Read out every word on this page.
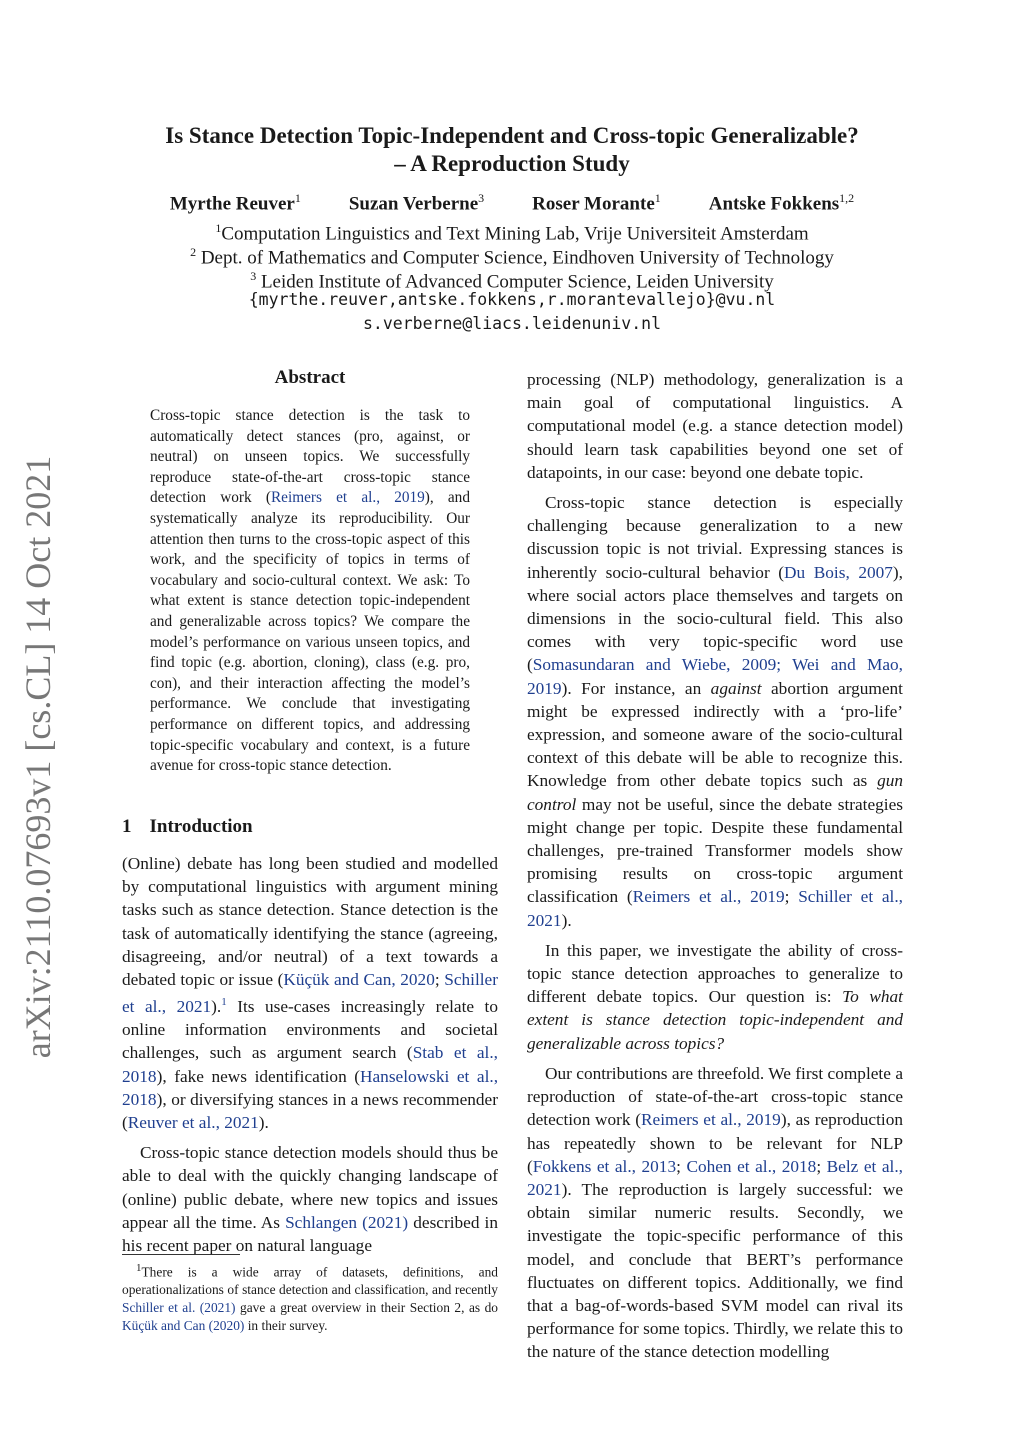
arXiv:2110.07693v1 [cs.CL] 14 Oct 2021
Is Stance Detection Topic-Independent and Cross-topic Generalizable?
– A Reproduction Study
Myrthe Reuver$^1$	Suzan Verberne$^3$	Roser Morante$^1$	Antske Fokkens$^{1,2}$
$^1$Computation Linguistics and Text Mining Lab, Vrije Universiteit Amsterdam
$^2$ Dept. of Mathematics and Computer Science, Eindhoven University of Technology
$^3$ Leiden Institute of Advanced Computer Science, Leiden University
{myrthe.reuver,antske.fokkens,r.morantevallejo}@vu.nl
s.verberne@liacs.leidenuniv.nl
Abstract
Cross-topic stance detection is the task to automatically detect stances (pro, against, or neutral) on unseen topics. We successfully reproduce state-of-the-art cross-topic stance detection work (Reimers et al., 2019), and systematically analyze its reproducibility. Our attention then turns to the cross-topic aspect of this work, and the specificity of topics in terms of vocabulary and socio-cultural context. We ask: To what extent is stance detection topic-independent and generalizable across topics? We compare the model’s performance on various unseen topics, and find topic (e.g. abortion, cloning), class (e.g. pro, con), and their interaction affecting the model’s performance. We conclude that investigating performance on different topics, and addressing topic-specific vocabulary and context, is a future avenue for cross-topic stance detection.
1 Introduction

(Online) debate has long been studied and modelled by computational linguistics with argument mining tasks such as stance detection. Stance detection is the task of automatically identifying the stance (agreeing, disagreeing, and/or neutral) of a text towards a debated topic or issue (Küçük and Can, 2020; Schiller et al., 2021).$^1$ Its use-cases increasingly relate to online information environments and societal challenges, such as argument search (Stab et al., 2018), fake news identification (Hanselowski et al., 2018), or diversifying stances in a news recommender (Reuver et al., 2021).

Cross-topic stance detection models should thus be able to deal with the quickly changing landscape of (online) public debate, where new topics and issues appear all the time. As Schlangen (2021) described in his recent paper on natural language

$^1$There is a wide array of datasets, definitions, and operationalizations of stance detection and classification, and recently Schiller et al. (2021) gave a great overview in their Section 2, as do Küçük and Can (2020) in their survey.

processing (NLP) methodology, generalization is a main goal of computational linguistics. A computational model (e.g. a stance detection model) should learn task capabilities beyond one set of datapoints, in our case: beyond one debate topic.

Cross-topic stance detection is especially challenging because generalization to a new discussion topic is not trivial. Expressing stances is inherently socio-cultural behavior (Du Bois, 2007), where social actors place themselves and targets on dimensions in the socio-cultural field. This also comes with very topic-specific word use (Somasundaran and Wiebe, 2009; Wei and Mao, 2019). For instance, an against abortion argument might be expressed indirectly with a ‘pro-life’ expression, and someone aware of the socio-cultural context of this debate will be able to recognize this. Knowledge from other debate topics such as gun control may not be useful, since the debate strategies might change per topic. Despite these fundamental challenges, pre-trained Transformer models show promising results on cross-topic argument classification (Reimers et al., 2019; Schiller et al., 2021).

In this paper, we investigate the ability of cross-topic stance detection approaches to generalize to different debate topics. Our question is: To what extent is stance detection topic-independent and generalizable across topics?

Our contributions are threefold. We first complete a reproduction of state-of-the-art cross-topic stance detection work (Reimers et al., 2019), as reproduction has repeatedly shown to be relevant for NLP (Fokkens et al., 2013; Cohen et al., 2018; Belz et al., 2021). The reproduction is largely successful: we obtain similar numeric results. Secondly, we investigate the topic-specific performance of this model, and conclude that BERT’s performance fluctuates on different topics. Additionally, we find that a bag-of-words-based SVM model can rival its performance for some topics. Thirdly, we relate this to the nature of the stance detection modelling
